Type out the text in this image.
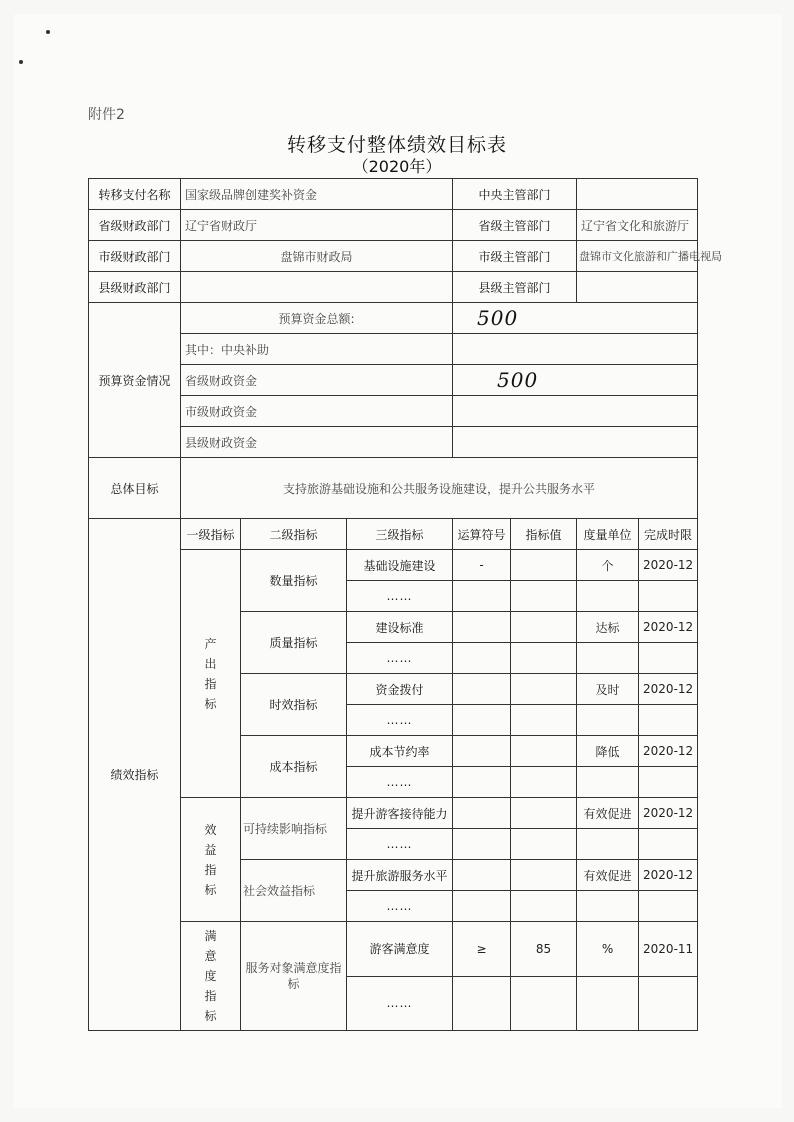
附件2
转移支付整体绩效目标表
（2020年）
转移支付名称	国家级品牌创建奖补资金			中央主管部门			
省级财政部门	辽宁省财政厅			省级主管部门		辽宁省文化和旅游厅	
市级财政部门	盘锦市财政局			市级主管部门		盘锦市文化旅游和广播电视局	
县级财政部门				县级主管部门			
预算资金情况	预算资金总额:			500			
	其中：中央补助						
	省级财政资金			500			
	市级财政资金						
	县级财政资金						
总体目标	支持旅游基础设施和公共服务设施建设，提升公共服务水平						
绩效指标	一级指标	二级指标	三级指标	运算符号	指标值	度量单位	完成时限
	产出指标	数量指标	基础设施建设	-		个	2020-12
			……				
		质量指标	建设标准			达标	2020-12
			……				
		时效指标	资金拨付			及时	2020-12
			……				
		成本指标	成本节约率			降低	2020-12
			……				
	效益指标	可持续影响指标	提升游客接待能力			有效促进	2020-12
			……				
		社会效益指标	提升旅游服务水平			有效促进	2020-12
			……				
	满意度指标	服务对象满意度指标	游客满意度	≥	85	%	2020-11
			……				
